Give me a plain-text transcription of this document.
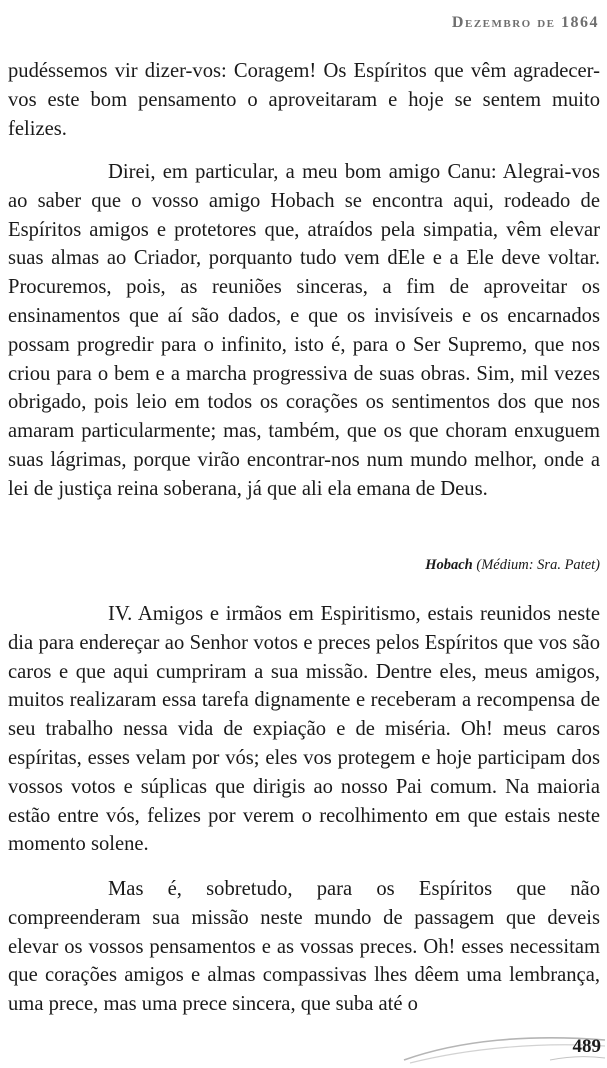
Dezembro de 1864

pudéssemos vir dizer-vos: Coragem! Os Espíritos que vêm agradecer-vos este bom pensamento o aproveitaram e hoje se sentem muito felizes.

Direi, em particular, a meu bom amigo Canu: Alegrai-vos ao saber que o vosso amigo Hobach se encontra aqui, rodeado de Espíritos amigos e protetores que, atraídos pela simpatia, vêm elevar suas almas ao Criador, porquanto tudo vem dEle e a Ele deve voltar. Procuremos, pois, as reuniões sinceras, a fim de aproveitar os ensinamentos que aí são dados, e que os invisíveis e os encarnados possam progredir para o infinito, isto é, para o Ser Supremo, que nos criou para o bem e a marcha progressiva de suas obras. Sim, mil vezes obrigado, pois leio em todos os corações os sentimentos dos que nos amaram particularmente; mas, também, que os que choram enxuguem suas lágrimas, porque virão encontrar-nos num mundo melhor, onde a lei de justiça reina soberana, já que ali ela emana de Deus.

Hobach (Médium: Sra. Patet)

IV. Amigos e irmãos em Espiritismo, estais reunidos neste dia para endereçar ao Senhor votos e preces pelos Espíritos que vos são caros e que aqui cumpriram a sua missão. Dentre eles, meus amigos, muitos realizaram essa tarefa dignamente e receberam a recompensa de seu trabalho nessa vida de expiação e de miséria. Oh! meus caros espíritas, esses velam por vós; eles vos protegem e hoje participam dos vossos votos e súplicas que dirigis ao nosso Pai comum. Na maioria estão entre vós, felizes por verem o recolhimento em que estais neste momento solene.

Mas é, sobretudo, para os Espíritos que não compreenderam sua missão neste mundo de passagem que deveis elevar os vossos pensamentos e as vossas preces. Oh! esses necessitam que corações amigos e almas compassivas lhes dêem uma lembrança, uma prece, mas uma prece sincera, que suba até o

489
